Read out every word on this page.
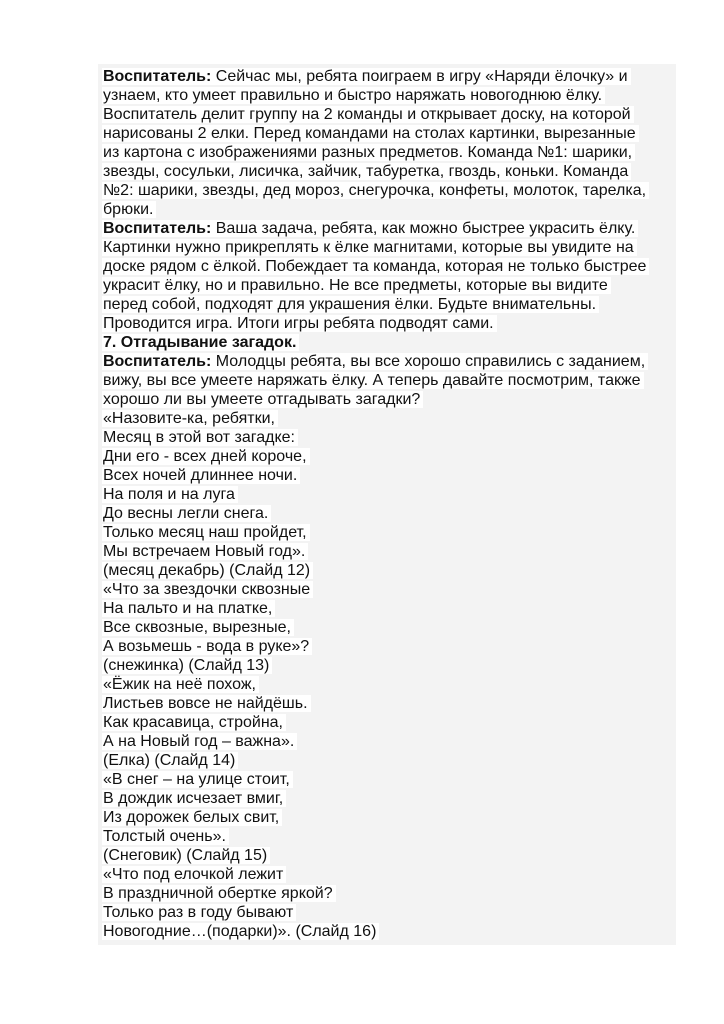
Воспитатель: Сейчас мы, ребята поиграем в игру «Наряди ёлочку» и
узнаем, кто умеет правильно и быстро наряжать новогоднюю ёлку.
Воспитатель делит группу на 2 команды и открывает доску, на которой
нарисованы 2 елки. Перед командами на столах картинки, вырезанные
из картона с изображениями разных предметов. Команда №1: шарики,
звезды, сосульки, лисичка, зайчик, табуретка, гвоздь, коньки. Команда
№2: шарики, звезды, дед мороз, снегурочка, конфеты, молоток, тарелка,
брюки.
Воспитатель: Ваша задача, ребята, как можно быстрее украсить ёлку.
Картинки нужно прикреплять к ёлке магнитами, которые вы увидите на
доске рядом с ёлкой. Побеждает та команда, которая не только быстрее
украсит ёлку, но и правильно. Не все предметы, которые вы видите
перед собой, подходят для украшения ёлки. Будьте внимательны.
Проводится игра. Итоги игры ребята подводят сами.
7. Отгадывание загадок.
Воспитатель: Молодцы ребята, вы все хорошо справились с заданием,
вижу, вы все умеете наряжать ёлку. А теперь давайте посмотрим, также
хорошо ли вы умеете отгадывать загадки?
«Назовите-ка, ребятки,
Месяц в этой вот загадке:
Дни его - всех дней короче,
Всех ночей длиннее ночи.
На поля и на луга
До весны легли снега.
Только месяц наш пройдет,
Мы встречаем Новый год».
(месяц декабрь) (Слайд 12)
«Что за звездочки сквозные
На пальто и на платке,
Все сквозные, вырезные,
А возьмешь - вода в руке»?
(снежинка) (Слайд 13)
«Ёжик на неё похож,
Листьев вовсе не найдёшь.
Как красавица, стройна,
А на Новый год – важна».
(Елка) (Слайд 14)
«В снег – на улице стоит,
В дождик исчезает вмиг,
Из дорожек белых свит,
Толстый очень».
(Снеговик) (Слайд 15)
«Что под елочкой лежит
В праздничной обертке яркой?
Только раз в году бывают
Новогодние…(подарки)». (Слайд 16)
